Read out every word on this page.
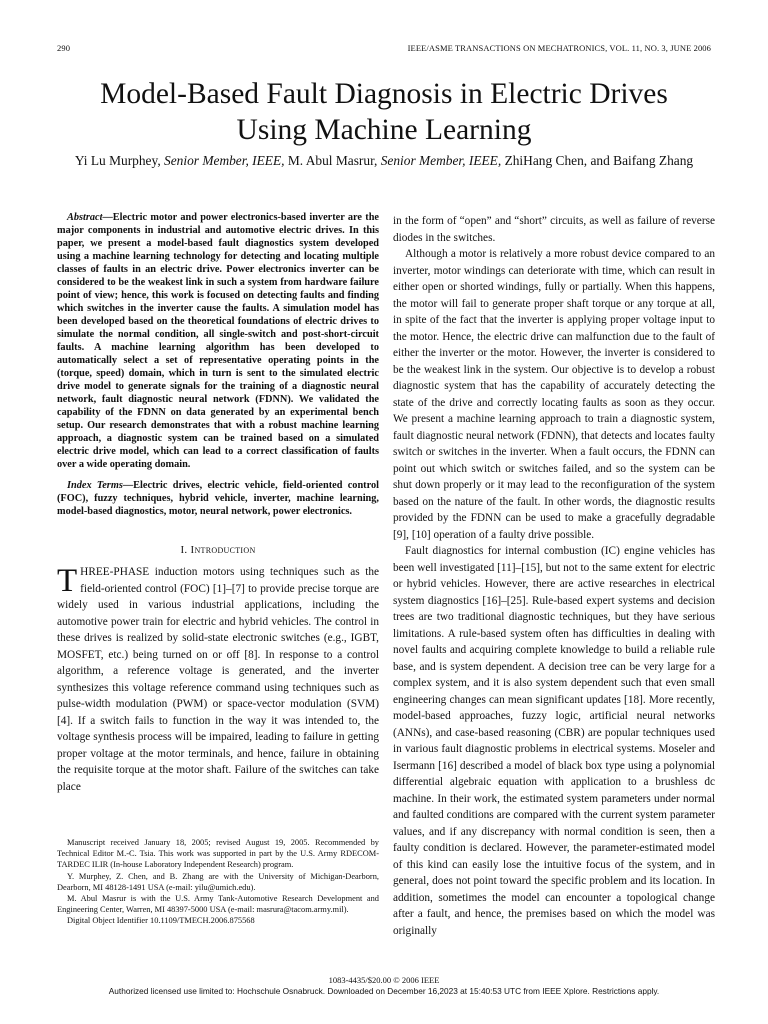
290	IEEE/ASME TRANSACTIONS ON MECHATRONICS, VOL. 11, NO. 3, JUNE 2006
Model-Based Fault Diagnosis in Electric Drives
Using Machine Learning
Yi Lu Murphey, Senior Member, IEEE, M. Abul Masrur, Senior Member, IEEE, ZhiHang Chen, and Baifang Zhang

Abstract—Electric motor and power electronics-based inverter are the major components in industrial and automotive electric drives. In this paper, we present a model-based fault diagnostics system developed using a machine learning technology for detecting and locating multiple classes of faults in an electric drive. Power electronics inverter can be considered to be the weakest link in such a system from hardware failure point of view; hence, this work is focused on detecting faults and finding which switches in the inverter cause the faults. A simulation model has been developed based on the theoretical foundations of electric drives to simulate the normal condition, all single-switch and post-short-circuit faults. A machine learning algorithm has been developed to automatically select a set of representative operating points in the (torque, speed) domain, which in turn is sent to the simulated electric drive model to generate signals for the training of a diagnostic neural network, fault diagnostic neural network (FDNN). We validated the capability of the FDNN on data generated by an experimental bench setup. Our research demonstrates that with a robust machine learning approach, a diagnostic system can be trained based on a simulated electric drive model, which can lead to a correct classification of faults over a wide operating domain.

Index Terms—Electric drives, electric vehicle, field-oriented control (FOC), fuzzy techniques, hybrid vehicle, inverter, machine learning, model-based diagnostics, motor, neural network, power electronics.

I. Introduction

THREE-PHASE induction motors using techniques such as the field-oriented control (FOC) [1]–[7] to provide precise torque are widely used in various industrial applications, including the automotive power train for electric and hybrid vehicles. The control in these drives is realized by solid-state electronic switches (e.g., IGBT, MOSFET, etc.) being turned on or off [8]. In response to a control algorithm, a reference voltage is generated, and the inverter synthesizes this voltage reference command using techniques such as pulse-width modulation (PWM) or space-vector modulation (SVM) [4]. If a switch fails to function in the way it was intended to, the voltage synthesis process will be impaired, leading to failure in getting proper voltage at the motor terminals, and hence, failure in obtaining the requisite torque at the motor shaft. Failure of the switches can take place

Manuscript received January 18, 2005; revised August 19, 2005. Recommended by Technical Editor M.-C. Tsia. This work was supported in part by the U.S. Army RDECOM-TARDEC ILIR (In-house Laboratory Independent Research) program.

Y. Murphey, Z. Chen, and B. Zhang are with the University of Michigan-Dearborn, Dearborn, MI 48128-1491 USA (e-mail: yilu@umich.edu).

M. Abul Masrur is with the U.S. Army Tank-Automotive Research Development and Engineering Center, Warren, MI 48397-5000 USA (e-mail: masrura@tacom.army.mil).

Digital Object Identifier 10.1109/TMECH.2006.875568

in the form of “open” and “short” circuits, as well as failure of reverse diodes in the switches.

Although a motor is relatively a more robust device compared to an inverter, motor windings can deteriorate with time, which can result in either open or shorted windings, fully or partially. When this happens, the motor will fail to generate proper shaft torque or any torque at all, in spite of the fact that the inverter is applying proper voltage input to the motor. Hence, the electric drive can malfunction due to the fault of either the inverter or the motor. However, the inverter is considered to be the weakest link in the system. Our objective is to develop a robust diagnostic system that has the capability of accurately detecting the state of the drive and correctly locating faults as soon as they occur. We present a machine learning approach to train a diagnostic system, fault diagnostic neural network (FDNN), that detects and locates faulty switch or switches in the inverter. When a fault occurs, the FDNN can point out which switch or switches failed, and so the system can be shut down properly or it may lead to the reconfiguration of the system based on the nature of the fault. In other words, the diagnostic results provided by the FDNN can be used to make a gracefully degradable [9], [10] operation of a faulty drive possible.

Fault diagnostics for internal combustion (IC) engine vehicles has been well investigated [11]–[15], but not to the same extent for electric or hybrid vehicles. However, there are active researches in electrical system diagnostics [16]–[25]. Rule-based expert systems and decision trees are two traditional diagnostic techniques, but they have serious limitations. A rule-based system often has difficulties in dealing with novel faults and acquiring complete knowledge to build a reliable rule base, and is system dependent. A decision tree can be very large for a complex system, and it is also system dependent such that even small engineering changes can mean significant updates [18]. More recently, model-based approaches, fuzzy logic, artificial neural networks (ANNs), and case-based reasoning (CBR) are popular techniques used in various fault diagnostic problems in electrical systems. Moseler and Isermann [16] described a model of black box type using a polynomial differential algebraic equation with application to a brushless dc machine. In their work, the estimated system parameters under normal and faulted conditions are compared with the current system parameter values, and if any discrepancy with normal condition is seen, then a faulty condition is declared. However, the parameter-estimated model of this kind can easily lose the intuitive focus of the system, and in general, does not point toward the specific problem and its location. In addition, sometimes the model can encounter a topological change after a fault, and hence, the premises based on which the model was originally

1083-4435/$20.00 © 2006 IEEE
Authorized licensed use limited to: Hochschule Osnabruck. Downloaded on December 16,2023 at 15:40:53 UTC from IEEE Xplore. Restrictions apply.
